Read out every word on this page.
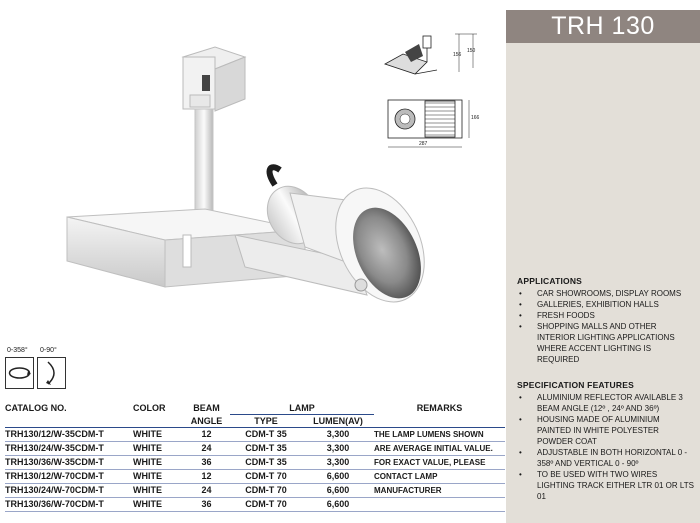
TRH 130
156
150
166
287
0-358° 0-90°
CATALOG NO.	COLOR	BEAM	LAMP		REMARKS
		ANGLE	TYPE	LUMEN(AV)	
TRH130/12/W-35CDM-T	WHITE	12	CDM-T 35	3,300	THE LAMP LUMENS SHOWN
TRH130/24/W-35CDM-T	WHITE	24	CDM-T 35	3,300	ARE AVERAGE INITIAL VALUE.
TRH130/36/W-35CDM-T	WHITE	36	CDM-T 35	3,300	FOR EXACT VALUE, PLEASE
TRH130/12/W-70CDM-T	WHITE	12	CDM-T 70	6,600	CONTACT LAMP
TRH130/24/W-70CDM-T	WHITE	24	CDM-T 70	6,600	MANUFACTURER
TRH130/36/W-70CDM-T	WHITE	36	CDM-T 70	6,600	
APPLICATIONS
• CAR SHOWROOMS, DISPLAY ROOMS
• GALLERIES, EXHIBITION HALLS
• FRESH FOODS
• SHOPPING MALLS AND OTHER INTERIOR LIGHTING APPLICATIONS WHERE ACCENT LIGHTING IS REQUIRED
SPECIFICATION FEATURES
• ALUMINIUM REFLECTOR AVAILABLE 3 BEAM ANGLE (12º , 24º AND 36º)
• HOUSING MADE OF ALUMINIUM PAINTED IN WHITE POLYESTER POWDER COAT
• ADJUSTABLE IN BOTH HORIZONTAL 0 - 358º AND VERTICAL 0 - 90º
• TO BE USED WITH TWO WIRES LIGHTING TRACK EITHER LTR 01 OR LTS 01
